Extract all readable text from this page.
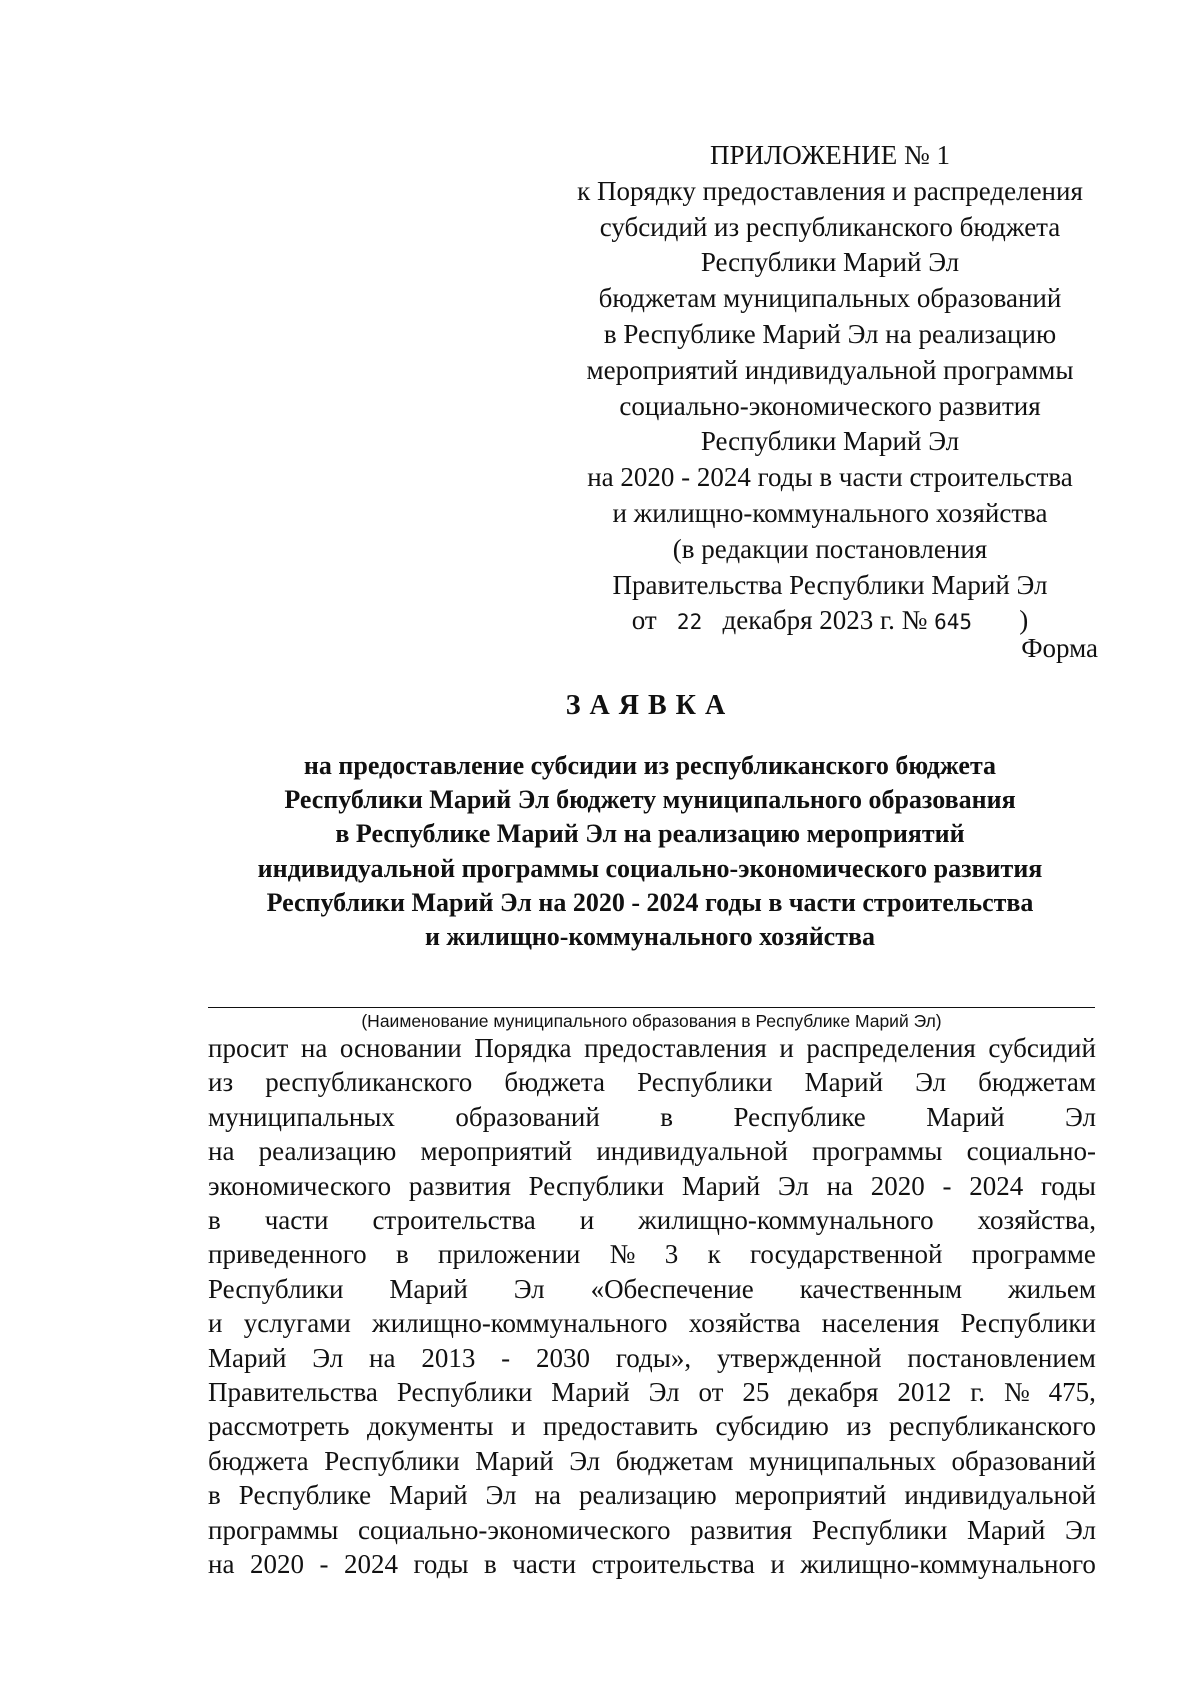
ПРИЛОЖЕНИЕ № 1
к Порядку предоставления и распределения
субсидий из республиканского бюджета
Республики Марий Эл
бюджетам муниципальных образований
в Республике Марий Эл на реализацию
мероприятий индивидуальной программы
социально-экономического развития
Республики Марий Эл
на 2020 - 2024 годы в части строительства
и жилищно-коммунального хозяйства
(в редакции постановления
Правительства Республики Марий Эл
от 22 декабря 2023 г. № 645 )
Форма
ЗАЯВКА
на предоставление субсидии из республиканского бюджета
Республики Марий Эл бюджету муниципального образования
в Республике Марий Эл на реализацию мероприятий
индивидуальной программы социально-экономического развития
Республики Марий Эл на 2020 - 2024 годы в части строительства
и жилищно-коммунального хозяйства
(Наименование муниципального образования в Республике Марий Эл)
просит на основании Порядка предоставления и распределения субсидий
из республиканского бюджета Республики Марий Эл бюджетам
муниципальных образований в Республике Марий Эл
на реализацию мероприятий индивидуальной программы социально-
экономического развития Республики Марий Эл на 2020 - 2024 годы
в части строительства и жилищно-коммунального хозяйства,
приведенного в приложении № 3 к государственной программе
Республики Марий Эл «Обеспечение качественным жильем
и услугами жилищно-коммунального хозяйства населения Республики
Марий Эл на 2013 - 2030 годы», утвержденной постановлением
Правительства Республики Марий Эл от 25 декабря 2012 г. № 475,
рассмотреть документы и предоставить субсидию из республиканского
бюджета Республики Марий Эл бюджетам муниципальных образований
в Республике Марий Эл на реализацию мероприятий индивидуальной
программы социально-экономического развития Республики Марий Эл
на 2020 - 2024 годы в части строительства и жилищно-коммунального
